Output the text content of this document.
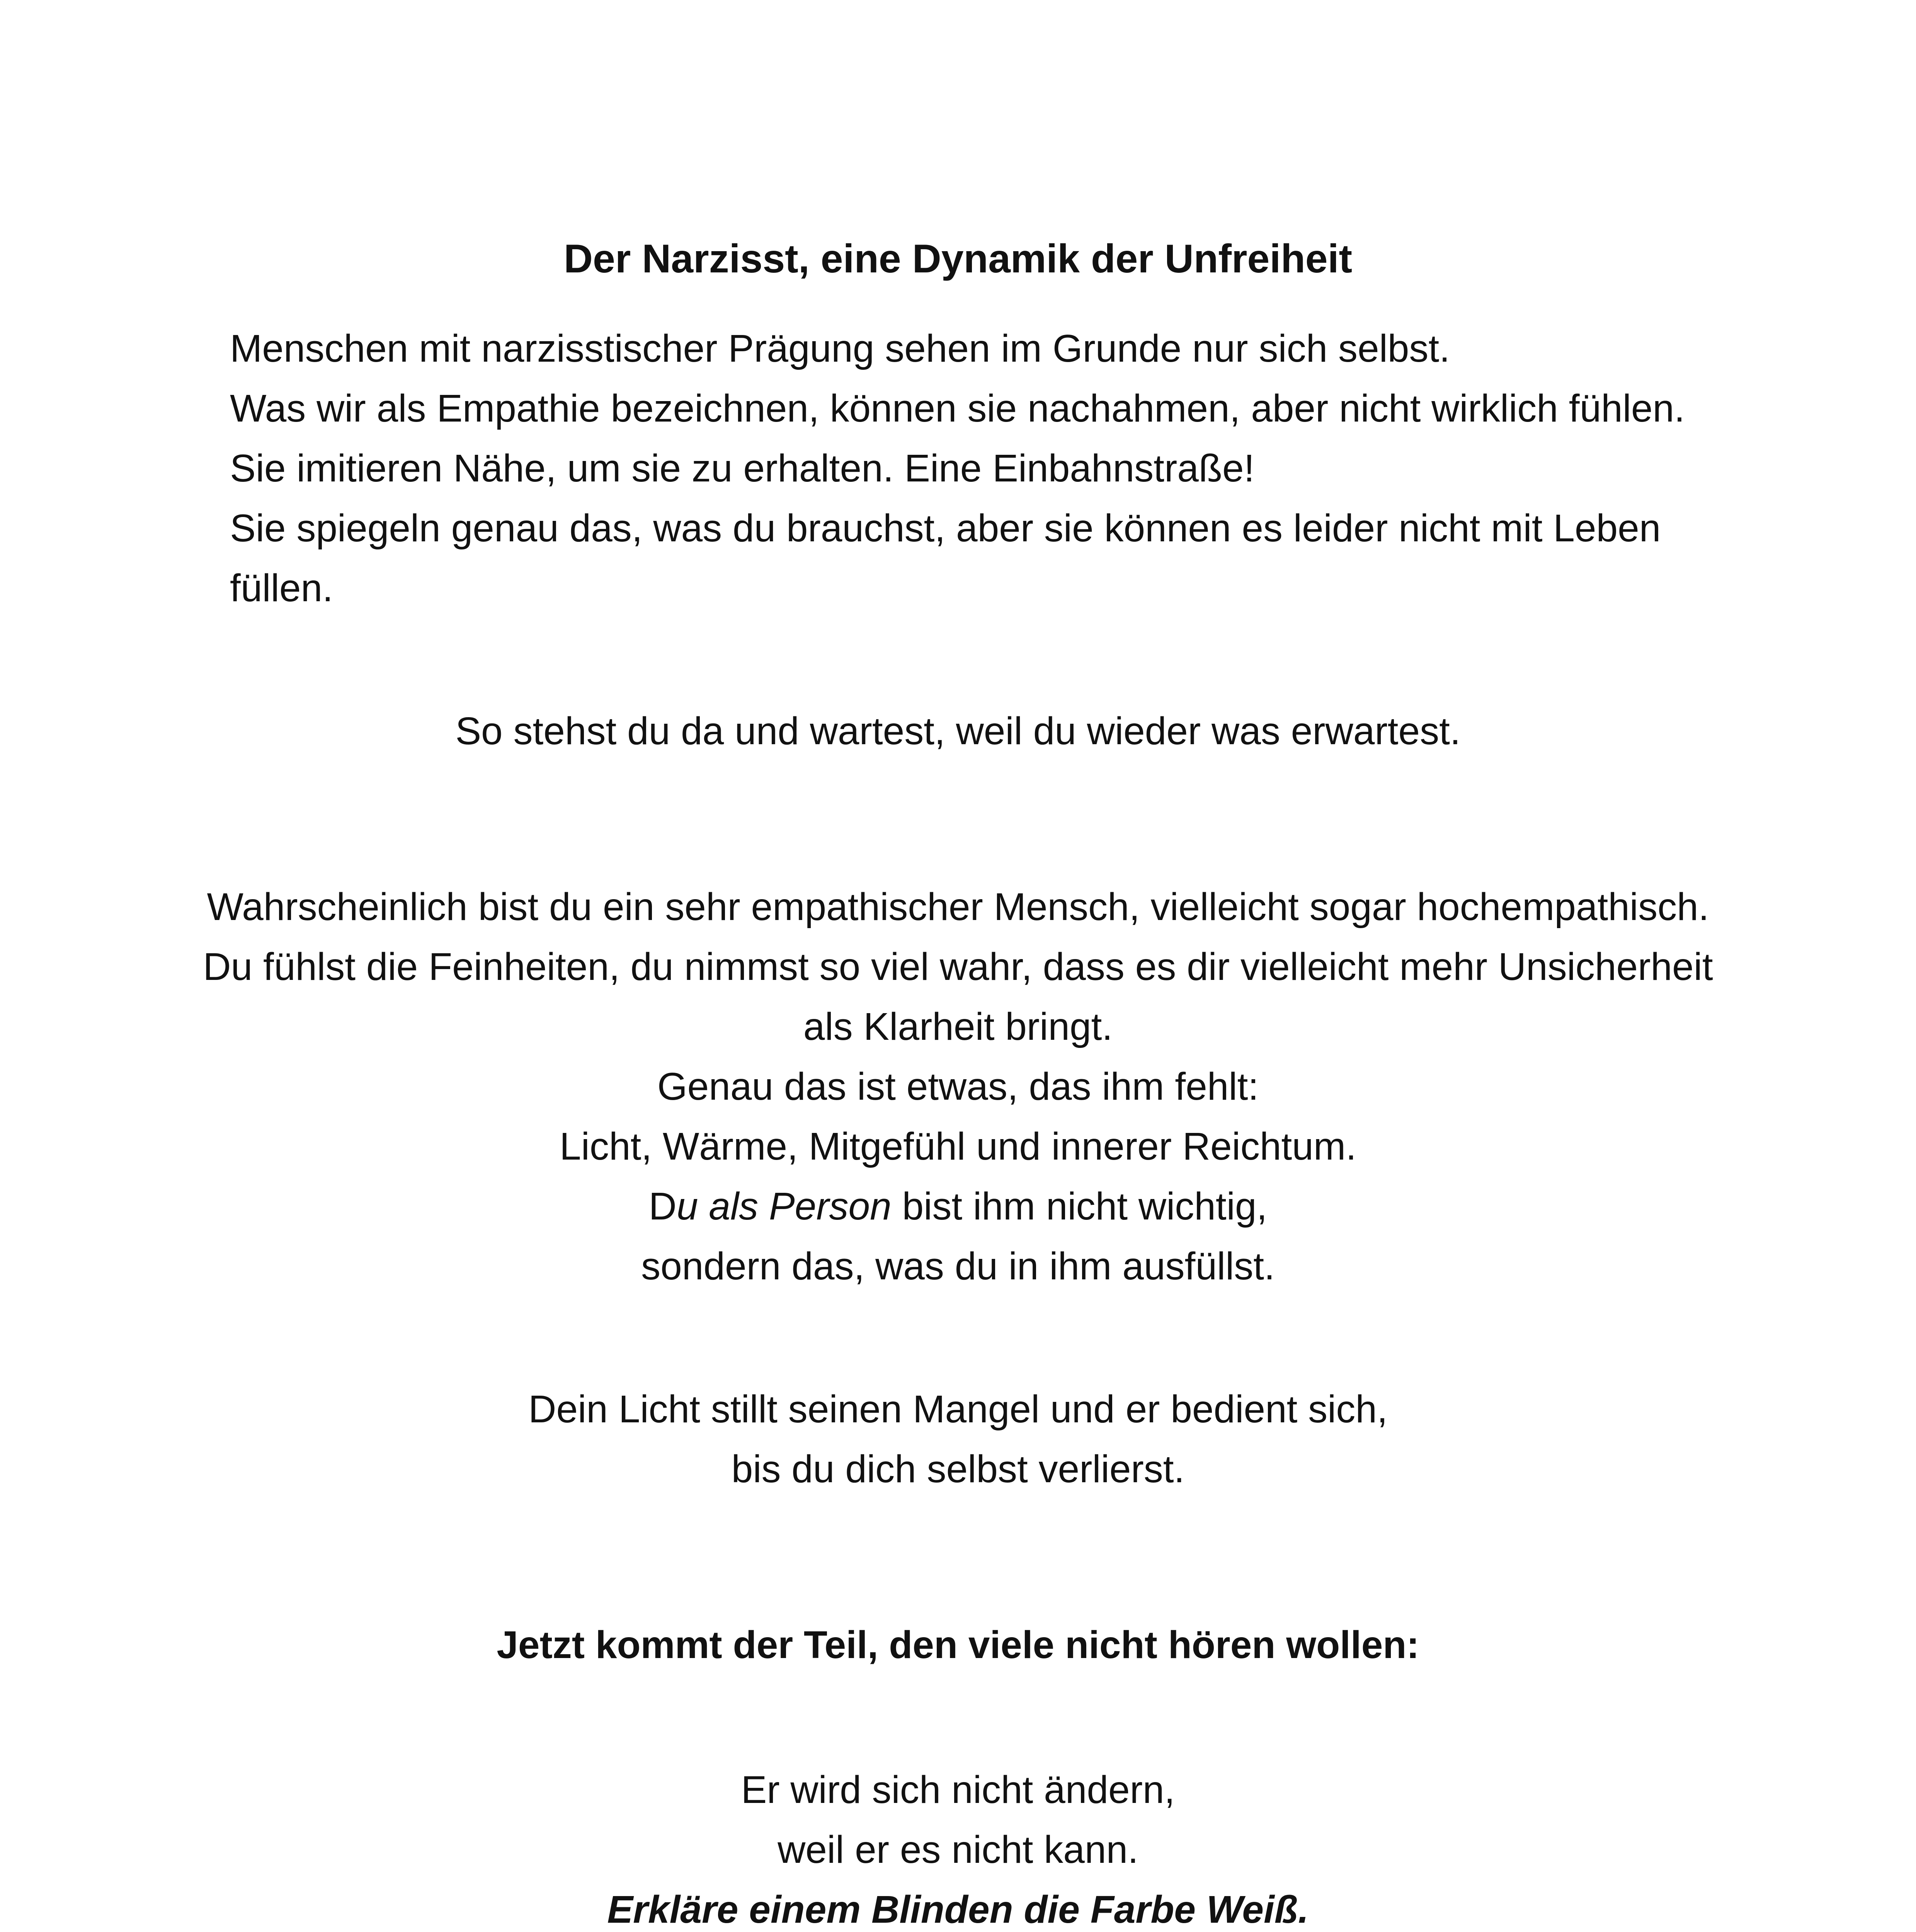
Der Narzisst, eine Dynamik der Unfreiheit

Menschen mit narzisstischer Prägung sehen im Grunde nur sich selbst.

Was wir als Empathie bezeichnen, können sie nachahmen, aber nicht wirklich fühlen.

Sie imitieren Nähe, um sie zu erhalten. Eine Einbahnstraße!

Sie spiegeln genau das, was du brauchst, aber sie können es leider nicht mit Leben füllen.

So stehst du da und wartest, weil du wieder was erwartest.

Wahrscheinlich bist du ein sehr empathischer Mensch, vielleicht sogar hochempathisch.

Du fühlst die Feinheiten, du nimmst so viel wahr, dass es dir vielleicht mehr Unsicherheit als Klarheit bringt.

Genau das ist etwas, das ihm fehlt:

Licht, Wärme, Mitgefühl und innerer Reichtum.

Du als Person bist ihm nicht wichtig,

sondern das, was du in ihm ausfüllst.

Dein Licht stillt seinen Mangel und er bedient sich,

bis du dich selbst verlierst.

Jetzt kommt der Teil, den viele nicht hören wollen:

Er wird sich nicht ändern,

weil er es nicht kann.

Erkläre einem Blinden die Farbe Weiß.
